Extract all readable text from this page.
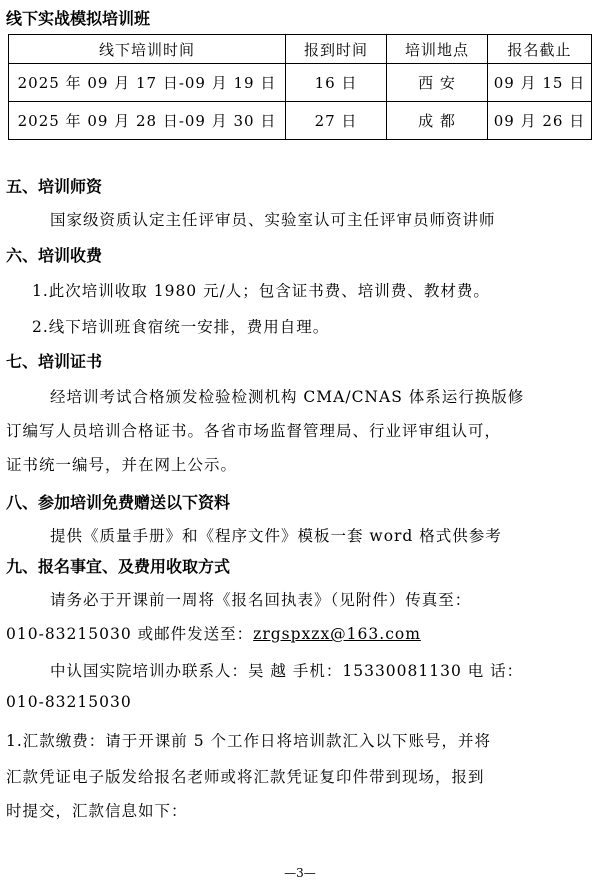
线下实战模拟培训班
线下培训时间	报到时间	培训地点	报名截止
2025 年 09 月 17 日-09 月 19 日	16 日	西 安	09 月 15 日
2025 年 09 月 28 日-09 月 30 日	27 日	成 都	09 月 26 日
五、培训师资
国家级资质认定主任评审员、实验室认可主任评审员师资讲师
六、培训收费
1.此次培训收取 1980 元/人；包含证书费、培训费、教材费。
2.线下培训班食宿统一安排，费用自理。
七、培训证书
经培训考试合格颁发检验检测机构 CMA/CNAS 体系运行换版修
订编写人员培训合格证书。各省市场监督管理局、行业评审组认可，
证书统一编号，并在网上公示。
八、参加培训免费赠送以下资料
提供《质量手册》和《程序文件》模板一套 word 格式供参考
九、报名事宜、及费用收取方式
请务必于开课前一周将《报名回执表》（见附件）传真至：
010-83215030 或邮件发送至：zrgspxzx@163.com
中认国实院培训办联系人：吴 越 手机：15330081130 电 话：
010-83215030
1.汇款缴费：请于开课前 5 个工作日将培训款汇入以下账号，并将
汇款凭证电子版发给报名老师或将汇款凭证复印件带到现场，报到
时提交，汇款信息如下：
—3—
